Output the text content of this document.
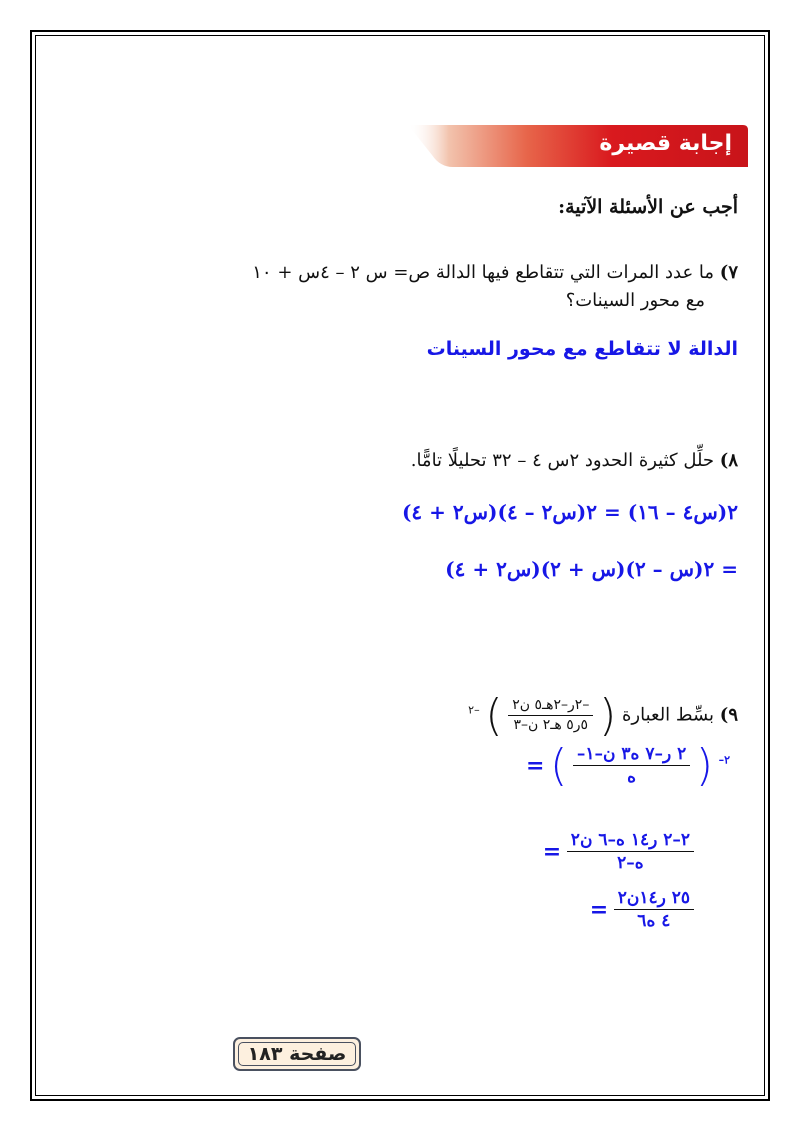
إجابة قصيرة
أجب عن الأسئلة الآتية:
٧) ما عدد المرات التي تتقاطع فيها الدالة ص= س ٢ – ٤س + ١٠
مع محور السينات؟
الدالة لا تتقاطع مع محور السينات
٨) حلِّل كثيرة الحدود ٢س ٤ – ٣٢ تحليلًا تامًّا.
٢(س٤ – ١٦) = ٢(س٢ – ٤)(س٢ + ٤)
= ٢(س – ٢)(س + ٢)(س٢ + ٤)
٩) بسِّط العبارة (
$\frac{\text{–٢ر–٢هـ٥ ن٢}}{\text{٥ر٥ هـ٢ ن–٣}}$
) $^{-٢}$
= ( $\frac{\text{–٢ ر–٧ ه٣ ن–١}}{\text{ه}}$ ) $^{-٢}$
= $\frac{\text{٢–٢ ر١٤ ه–٦ ن٢}}{\text{ه–٢}}$
= $\frac{\text{٢٥ ر١٤ن٢}}{\text{٤ ه٦}}$
صفحة ١٨٣
